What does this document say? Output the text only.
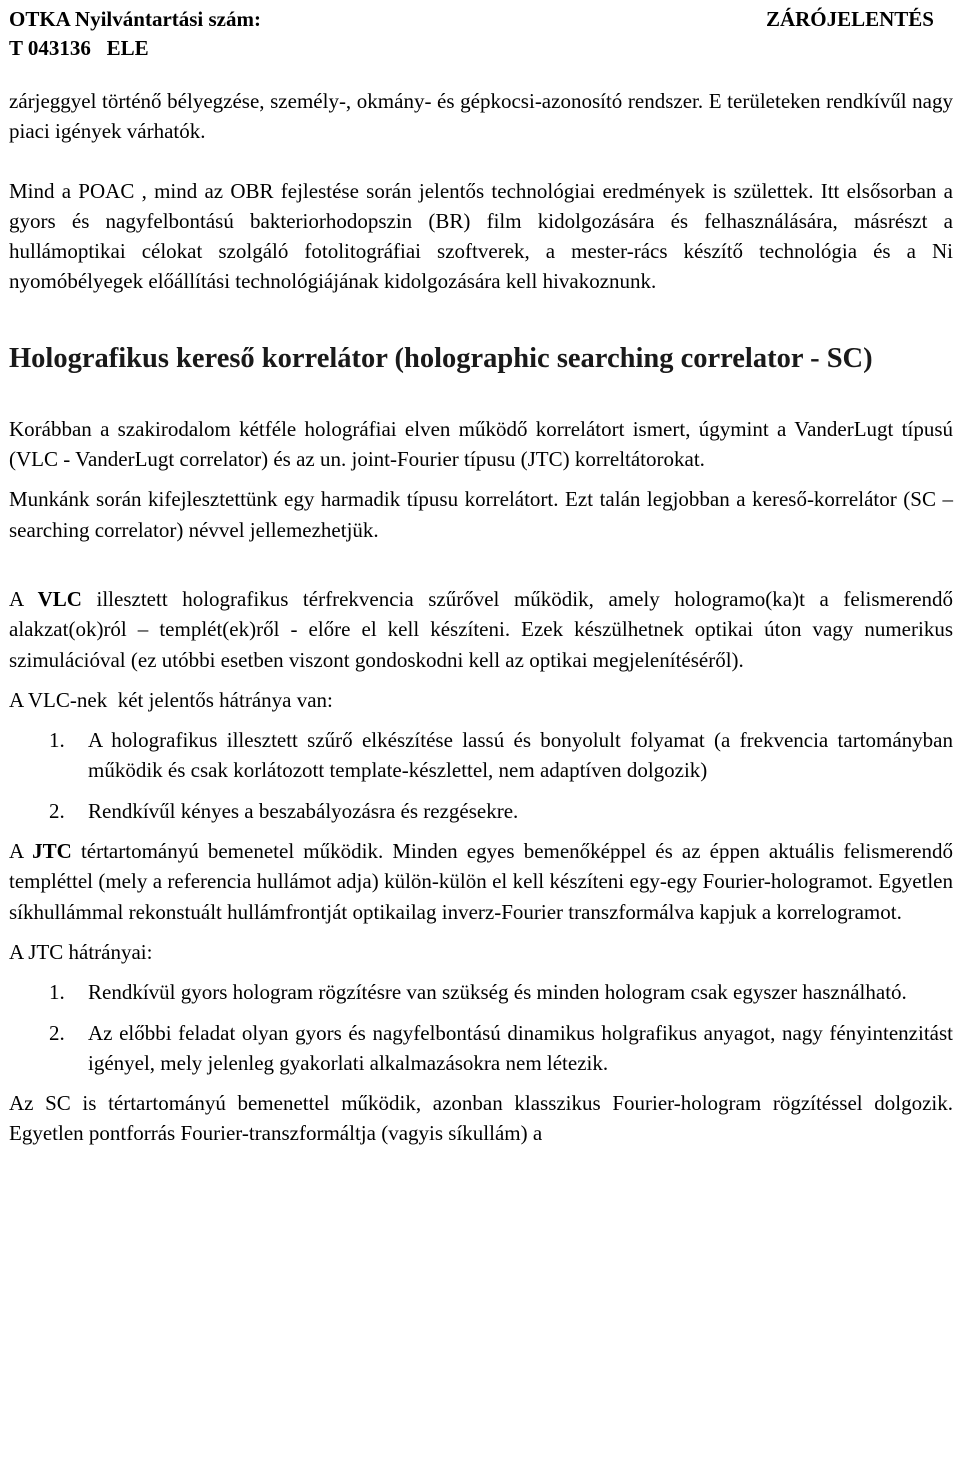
OTKA Nyilvántartási szám:
T 043136   ELE
ZÁRÓJELENTÉS

zárjeggyel történő bélyegzése, személy-, okmány- és gépkocsi-azonosító rendszer. E területeken rendkívűl nagy piaci igények várhatók.

Mind a POAC , mind az OBR fejlestése során jelentős technológiai eredmények is születtek. Itt elsősorban a gyors és nagyfelbontású bakteriorhodopszin (BR) film kidolgozására és felhasználására, másrészt a hullámoptikai célokat szolgáló fotolitográfiai szoftverek, a mester-rács készítő technológia és a Ni nyomóbélyegek előállítási technológiájának kidolgozására kell hivakoznunk.

Holografikus kereső korrelátor (holographic searching correlator - SC)

Korábban a szakirodalom kétféle holográfiai elven működő korrelátort ismert, úgymint a VanderLugt típusú (VLC - VanderLugt correlator) és az un. joint-Fourier típusu (JTC) korreltátorokat.

Munkánk során kifejlesztettünk egy harmadik típusu korrelátort. Ezt talán legjobban a kereső-korrelátor (SC – searching correlator) névvel jellemezhetjük.

A VLC illesztett holografikus térfrekvencia szűrővel működik, amely hologramo(ka)t a felismerendő alakzat(ok)ról – templét(ek)ről - előre el kell készíteni. Ezek készülhetnek optikai úton vagy numerikus szimulációval (ez utóbbi esetben viszont gondoskodni kell az optikai megjelenítéséről).

A VLC-nek  két jelentős hátránya van:

1. A holografikus illesztett szűrő elkészítése lassú és bonyolult folyamat (a frekvencia tartományban működik és csak korlátozott template-készlettel, nem adaptíven dolgozik)
2. Rendkívűl kényes a beszabályozásra és rezgésekre.

A JTC tértartományú bemenetel működik. Minden egyes bemenőképpel és az éppen aktuális felismerendő templéttel (mely a referencia hullámot adja) külön-külön el kell készíteni egy-egy Fourier-hologramot. Egyetlen síkhullámmal rekonstuált hullámfrontját optikailag inverz-Fourier transzformálva kapjuk a korrelogramot.

A JTC hátrányai:

1. Rendkívül gyors hologram rögzítésre van szükség és minden hologram csak egyszer használható.
2. Az előbbi feladat olyan gyors és nagyfelbontású dinamikus holgrafikus anyagot, nagy fényintenzitást igényel, mely jelenleg gyakorlati alkalmazásokra nem létezik.

Az SC is tértartományú bemenettel működik, azonban klasszikus Fourier-hologram rögzítéssel dolgozik. Egyetlen pontforrás Fourier-transzformáltja (vagyis síkullám) a
